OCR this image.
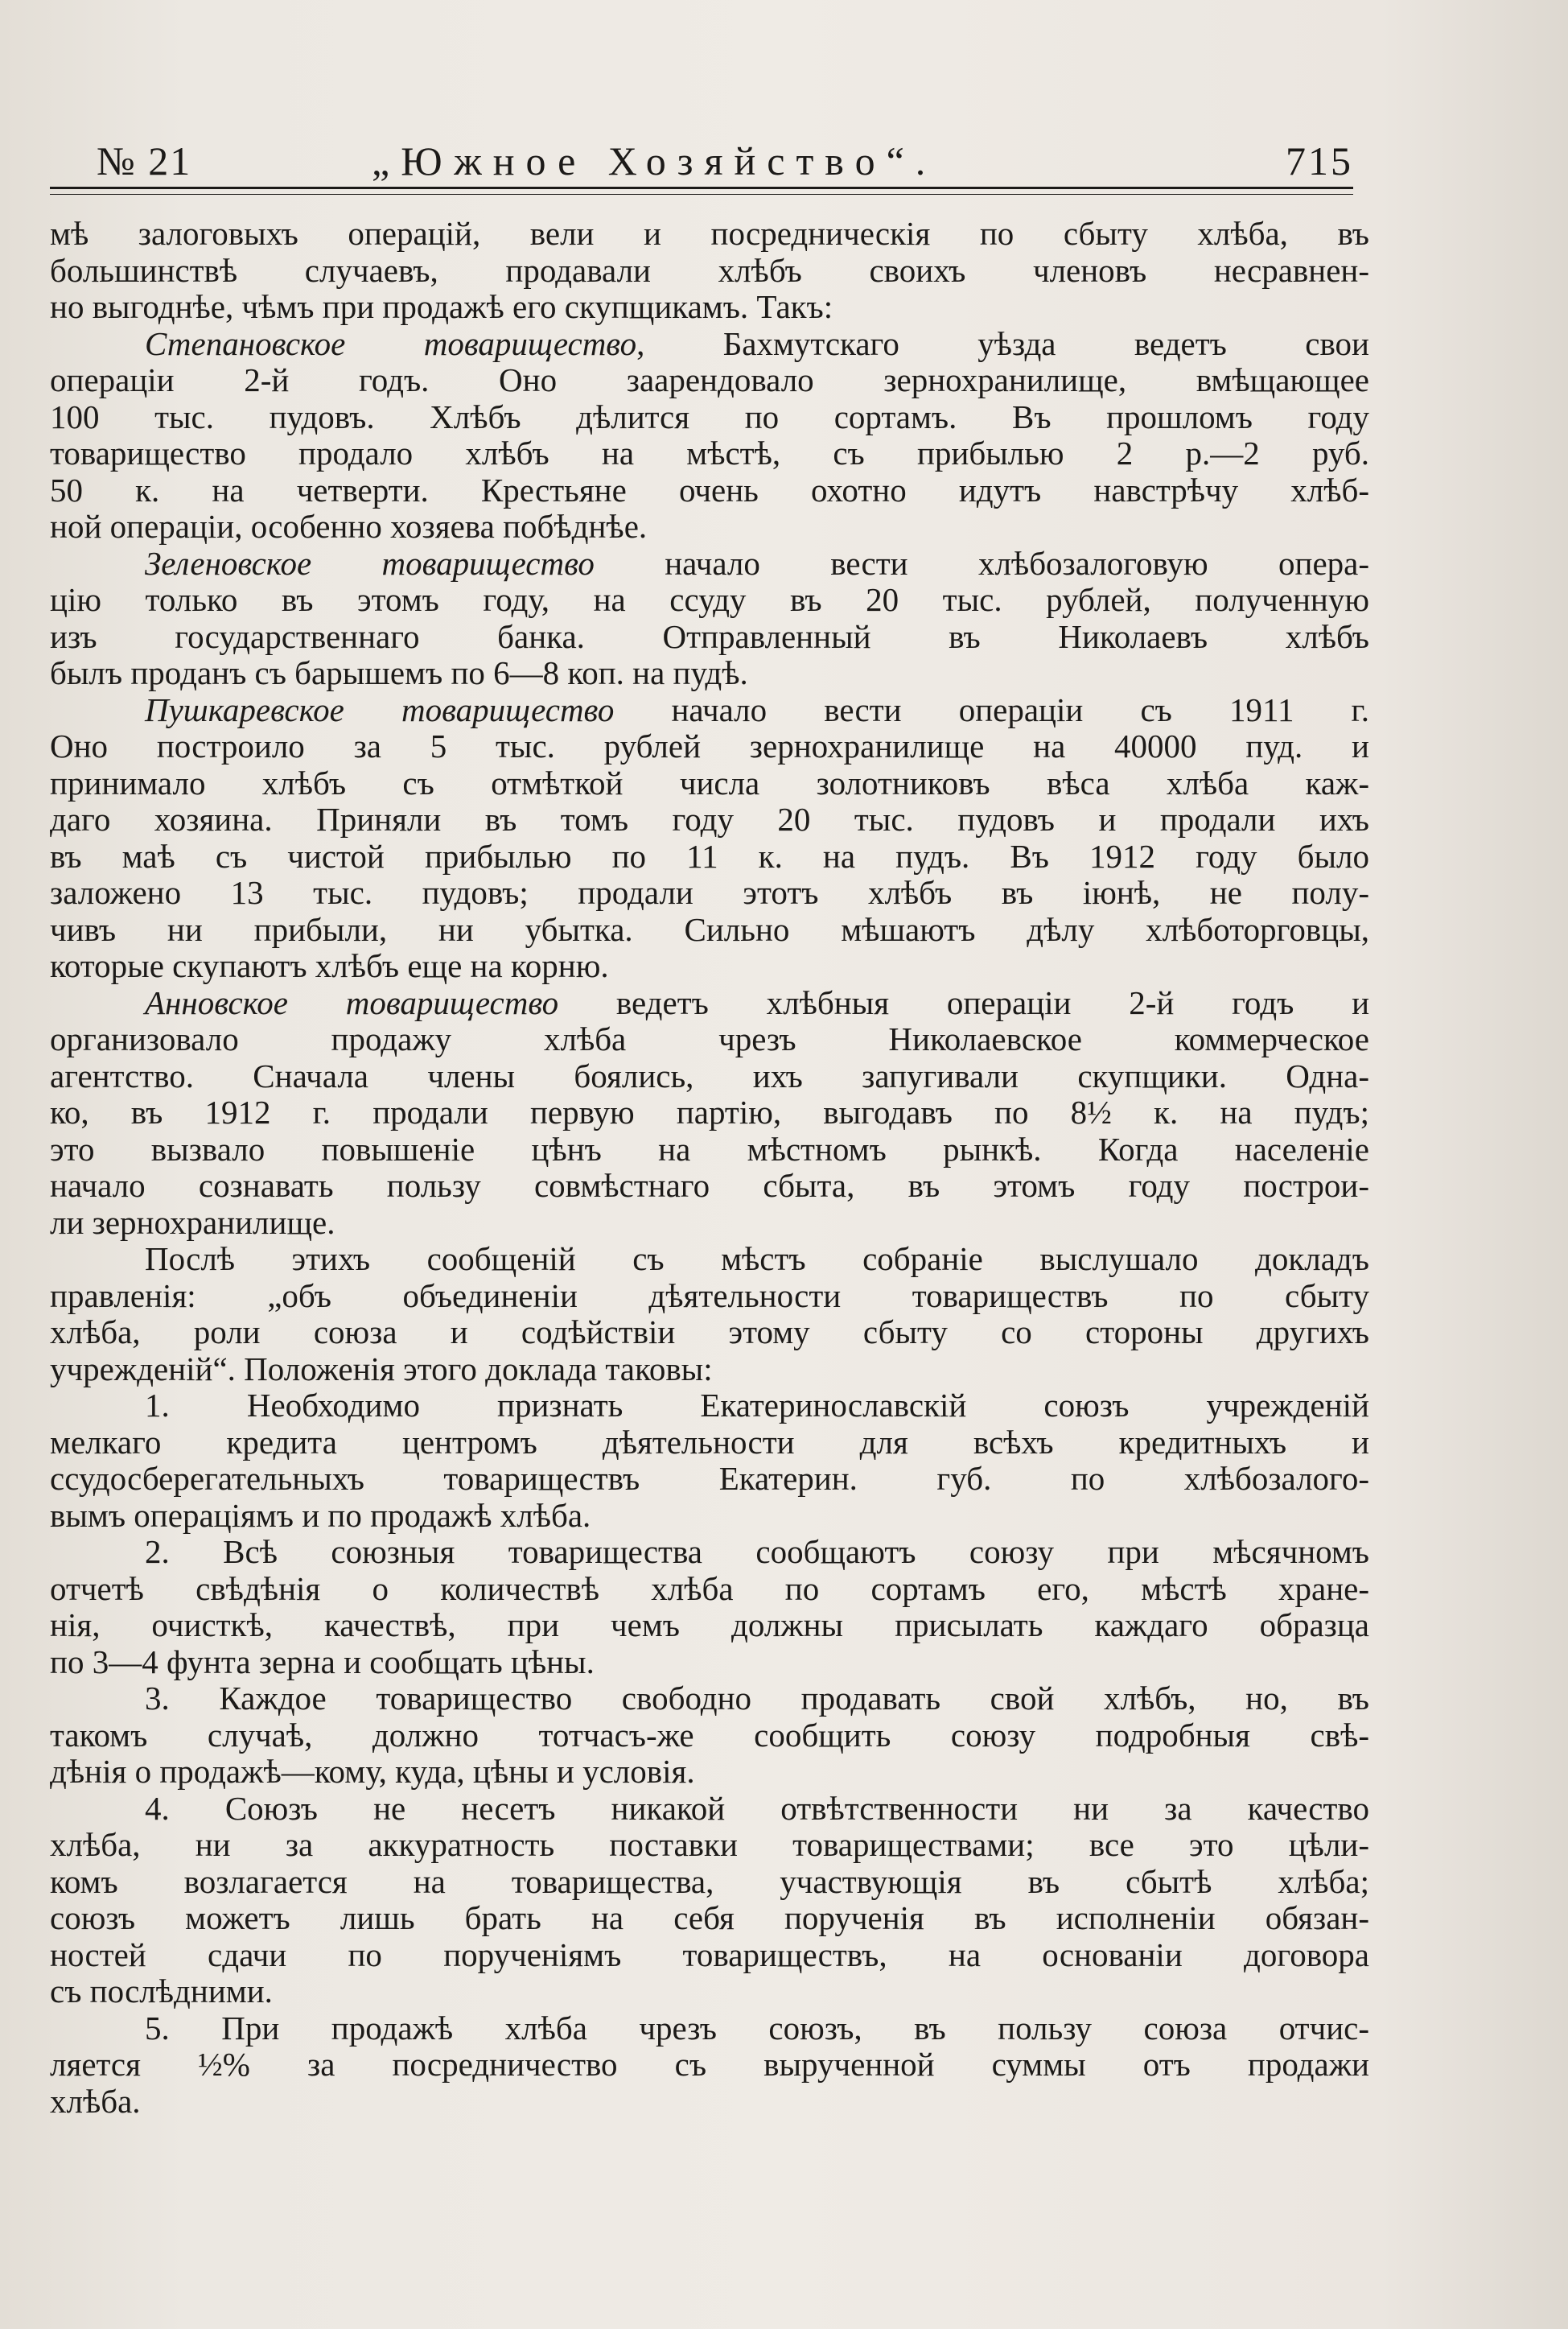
№ 21	„Южное Хозяйство“.	715
мѣ залоговыхъ операцій, вели и посредническія по сбыту хлѣба, въ
большинствѣ случаевъ, продавали хлѣбъ своихъ членовъ несравнен-
но выгоднѣе, чѣмъ при продажѣ его скупщикамъ. Такъ:
Степановское товарищество, Бахмутскаго уѣзда ведетъ свои
операціи 2-й годъ. Оно заарендовало зернохранилище, вмѣщающее
100 тыс. пудовъ. Хлѣбъ дѣлится по сортамъ. Въ прошломъ году
товарищество продало хлѣбъ на мѣстѣ, съ прибылью 2 р.—2 руб.
50 к. на четверти. Крестьяне очень охотно идутъ навстрѣчу хлѣб-
ной операціи, особенно хозяева побѣднѣе.
Зеленовское товарищество начало вести хлѣбозалоговую опера-
цію только въ этомъ году, на ссуду въ 20 тыс. рублей, полученную
изъ государственнаго банка. Отправленный въ Николаевъ хлѣбъ
былъ проданъ съ барышемъ по 6—8 коп. на пудѣ.
Пушкаревское товарищество начало вести операціи съ 1911 г.
Оно построило за 5 тыс. рублей зернохранилище на 40000 пуд. и
принимало хлѣбъ съ отмѣткой числа золотниковъ вѣса хлѣба каж-
даго хозяина. Приняли въ томъ году 20 тыс. пудовъ и продали ихъ
въ маѣ съ чистой прибылью по 11 к. на пудъ. Въ 1912 году было
заложено 13 тыс. пудовъ; продали этотъ хлѣбъ въ іюнѣ, не полу-
чивъ ни прибыли, ни убытка. Сильно мѣшаютъ дѣлу хлѣботорговцы,
которые скупаютъ хлѣбъ еще на корню.
Анновское товарищество ведетъ хлѣбныя операціи 2-й годъ и
организовало продажу хлѣба чрезъ Николаевское коммерческое
агентство. Сначала члены боялись, ихъ запугивали скупщики. Одна-
ко, въ 1912 г. продали первую партію, выгодавъ по 8½ к. на пудъ;
это вызвало повышеніе цѣнъ на мѣстномъ рынкѣ. Когда населеніе
начало сознавать пользу совмѣстнаго сбыта, въ этомъ году построи-
ли зернохранилище.
Послѣ этихъ сообщеній съ мѣстъ собраніе выслушало докладъ
правленія: „объ объединеніи дѣятельности товариществъ по сбыту
хлѣба, роли союза и содѣйствіи этому сбыту со стороны другихъ
учрежденій“. Положенія этого доклада таковы:
1. Необходимо признать Екатеринославскій союзъ учрежденій
мелкаго кредита центромъ дѣятельности для всѣхъ кредитныхъ и
ссудосберегательныхъ товариществъ Екатерин. губ. по хлѣбозалого-
вымъ операціямъ и по продажѣ хлѣба.
2. Всѣ союзныя товарищества сообщаютъ союзу при мѣсячномъ
отчетѣ свѣдѣнія о количествѣ хлѣба по сортамъ его, мѣстѣ хране-
нія, очисткѣ, качествѣ, при чемъ должны присылать каждаго образца
по 3—4 фунта зерна и сообщать цѣны.
3. Каждое товарищество свободно продавать свой хлѣбъ, но, въ
такомъ случаѣ, должно тотчасъ-же сообщить союзу подробныя свѣ-
дѣнія о продажѣ—кому, куда, цѣны и условія.
4. Союзъ не несетъ никакой отвѣтственности ни за качество
хлѣба, ни за аккуратность поставки товариществами; все это цѣли-
комъ возлагается на товарищества, участвующія въ сбытѣ хлѣба;
союзъ можетъ лишь брать на себя порученія въ исполненіи обязан-
ностей сдачи по порученіямъ товариществъ, на основаніи договора
съ послѣдними.
5. При продажѣ хлѣба чрезъ союзъ, въ пользу союза отчис-
ляется ½% за посредничество съ вырученной суммы отъ продажи
хлѣба.
